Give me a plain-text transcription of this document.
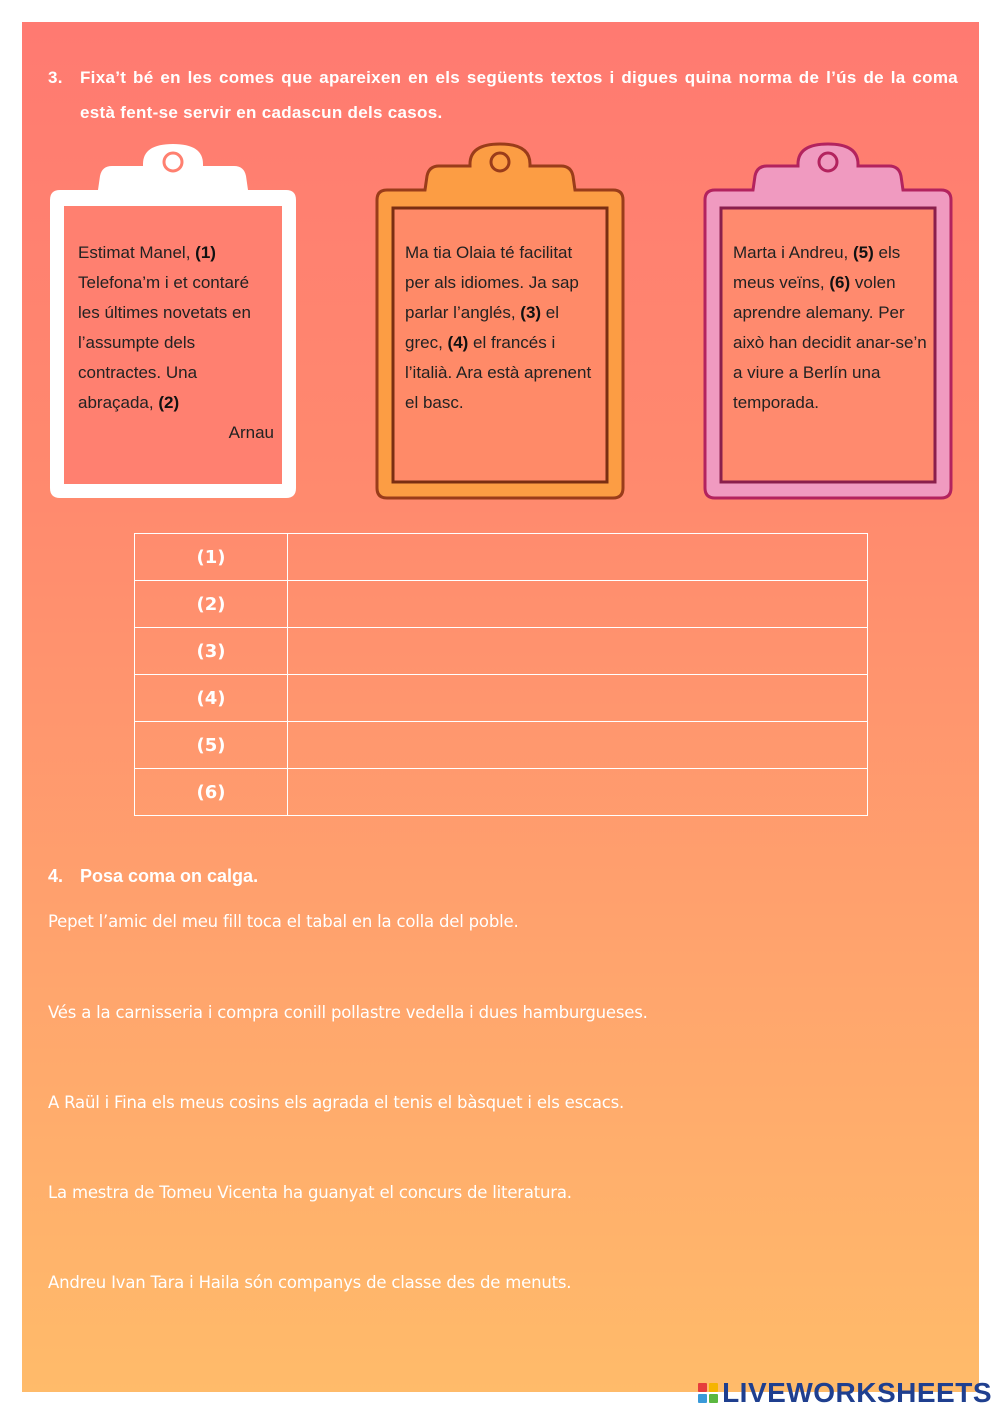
3. Fixa’t bé en les comes que apareixen en els següents textos i digues quina norma de l’ús de la coma està fent-se servir en cadascun dels casos.
Estimat Manel, (1) Telefona’m i et contaré les últimes novetats en l’assumpte dels contractes. Una abraçada, (2)
Arnau
Ma tia Olaia té facilitat per als idiomes. Ja sap parlar l’anglés, (3) el grec, (4) el francés i l’italià. Ara està aprenent el basc.
Marta i Andreu, (5) els meus veïns, (6) volen aprendre alemany. Per això han decidit anar-se’n a viure a Berlín una temporada.
(1)	
(2)	
(3)	
(4)	
(5)	
(6)	
4. Posa coma on calga.
Pepet l’amic del meu fill toca el tabal en la colla del poble.
Vés a la carnisseria i compra conill pollastre vedella i dues hamburgueses.
A Raül i Fina els meus cosins els agrada el tenis el bàsquet i els escacs.
La mestra de Tomeu Vicenta ha guanyat el concurs de literatura.
Andreu Ivan Tara i Haila són companys de classe des de menuts.
LIVEWORKSHEETS
